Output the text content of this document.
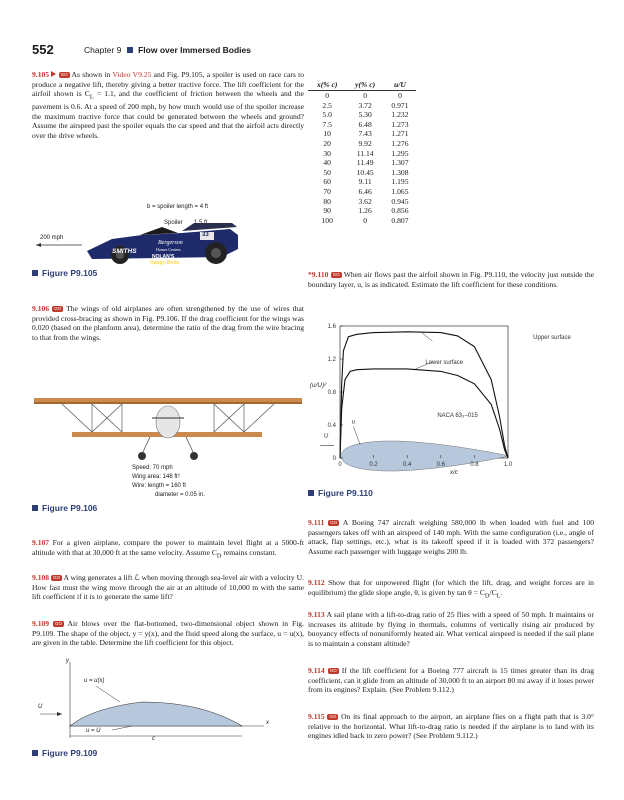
552	Chapter 9 Flow over Immersed Bodies
9.105	GO As shown in Video V9.25 and Fig. P9.105, a spoiler is used on race cars to produce a negative lift, thereby giving a better tractive force. The lift coefficient for the airfoil shown is $C_L = 1.1$, and the coefficient of friction between the wheels and the pavement is 0.6. At a speed of 200 mph, by how much would use of the spoiler increase the maximum tractive force that could be generated between the wheels and ground? Assume the airspeed past the spoiler equals the car speed and that the airfoil acts directly over the drive wheels.
b = spoiler length = 4 ft
Spoiler
200 mph	33
Bergerson
Homes Centers
SMITHS
NOLAN'S
Happy Birds
Figure P9.105
x(% c)	y(% c)	u/U
0	0	0
2.5	3.72	0.971
5.0	5.30	1.232
7.5	6.48	1.273
10	7.43	1.271
20	9.92	1.276
30	11.14	1.295
40	11.49	1.307
50	10.45	1.308
60	9.11	1.195
70	6.46	1.065
80	3.62	0.945
90	1.26	0.856
100	0	0.807
*9.110 GO When air flows past the airfoil shown in Fig. P9.110, the velocity just outside the boundary layer, u, is as indicated. Estimate the lift coefficient for these conditions.
0	0.2	0.4	0.6	0.8	1.0
0
0.4
0.8
1.2
1.6
Upper surface
Lower surface
NACA 63₃–015
u
U
(u/U)²
x/c
Figure P9.110
9.106 GO The wings of old airplanes are often strengthened by the use of wires that provided cross-bracing as shown in Fig. P9.106. If the drag coefficient for the wings was 0.020 (based on the planform area), determine the ratio of the drag from the wire bracing to that from the wings.
Speed: 70 mph
Wing area: 148 ft²
Wire: length = 160 ft
diameter = 0.05 in.
Figure P9.106
9.107 For a given airplane, compare the power to maintain level flight at a 5000-ft altitude with that at 30,000 ft at the same velocity. Assume $C_D$ remains constant.
9.108 GO A wing generates a lift ℒ when moving through sea-level air with a velocity U. How fast must the wing move through the air at an altitude of 10,000 m with the same lift coefficient if it is to generate the same lift?
9.109 GO Air blows over the flat-bottomed, two-dimensional object shown in Fig. P9.109. The shape of the object, y = y(x), and the fluid speed along the surface, u = u(x), are given in the table. Determine the lift coefficient for this object.
y
u = u(x)
U
u = U
x
c
Figure P9.109
9.111 GO A Boeing 747 aircraft weighing 580,000 lb when loaded with fuel and 100 passengers takes off with an airspeed of 140 mph. With the same configuration (i.e., angle of attack, flap settings, etc.), what is its takeoff speed if it is loaded with 372 passengers? Assume each passenger with luggage weighs 200 lb.
9.112 Show that for unpowered flight (for which the lift, drag, and weight forces are in equilibrium) the glide slope angle, θ, is given by $\tan \theta = C_D/C_L$.
9.113 A sail plane with a lift-to-drag ratio of 25 flies with a speed of 50 mph. It maintains or increases its altitude by flying in thermals, columns of vertically rising air produced by buoyancy effects of nonuniformly heated air. What vertical airspeed is needed if the sail plane is to maintain a constant altitude?
9.114 GO If the lift coefficient for a Boeing 777 aircraft is 15 times greater than its drag coefficient, can it glide from an altitude of 30,000 ft to an airport 80 mi away if it loses power from its engines? Explain. (See Problem 9.112.)
9.115 GO On its final approach to the airport, an airplane flies on a flight path that is 3.0° relative to the horizontal. What lift-to-drag ratio is needed if the airplane is to land with its engines idled back to zero power? (See Problem 9.112.)
